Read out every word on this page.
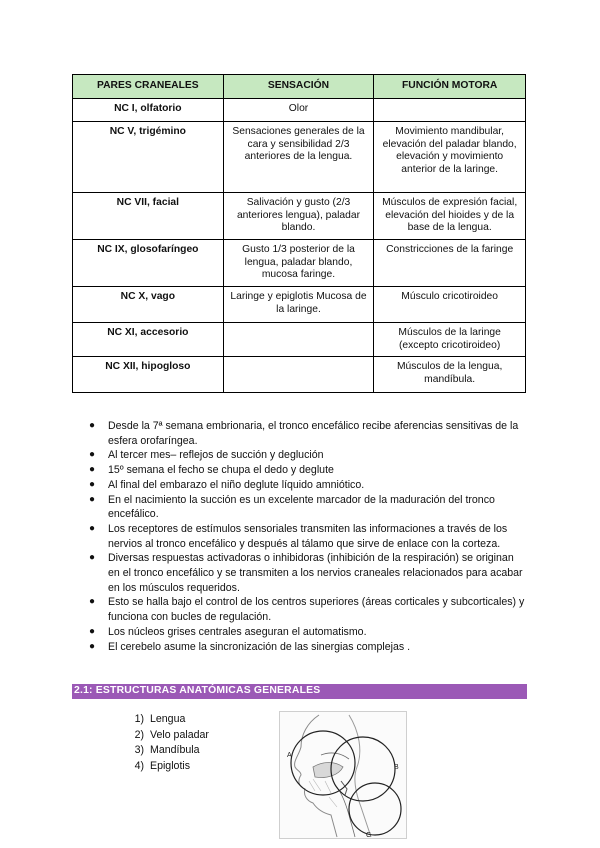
PARES CRANEALES	SENSACIÓN	FUNCIÓN MOTORA
NC I, olfatorio	Olor	
NC V, trigémino	Sensaciones generales de la cara y sensibilidad 2/3 anteriores de la lengua.	Movimiento mandibular, elevación del paladar blando, elevación y movimiento anterior de la laringe.
NC VII, facial	Salivación y gusto (2/3 anteriores lengua), paladar blando.	Músculos de expresión facial, elevación del hioides y de la base de la lengua.
NC IX, glosofaríngeo	Gusto 1/3 posterior de la lengua, paladar blando, mucosa faringe.	Constricciones de la faringe
NC X, vago	Laringe y epiglotis Mucosa de la laringe.	Músculo cricotiroideo
NC XI, accesorio		Músculos de la laringe (excepto cricotiroideo)
NC XII, hipogloso		Músculos de la lengua, mandíbula.
● Desde la 7ª semana embrionaria, el tronco encefálico recibe aferencias sensitivas de la esfera orofaríngea.
● Al tercer mes– reflejos de succión y deglución
● 15º semana el fecho se chupa el dedo y deglute
● Al final del embarazo el niño deglute líquido amniótico.
● En el nacimiento la succión es un excelente marcador de la maduración del tronco encefálico.
● Los receptores de estímulos sensoriales transmiten las informaciones a través de los nervios al tronco encefálico y después al tálamo que sirve de enlace con la corteza.
● Diversas respuestas activadoras o inhibidoras (inhibición de la respiración) se originan en el tronco encefálico y se transmiten a los nervios craneales relacionados para acabar en los músculos requeridos.
● Esto se halla bajo el control de los centros superiores (áreas corticales y subcorticales) y funciona con bucles de regulación.
● Los núcleos grises centrales aseguran el automatismo.
● El cerebelo asume la sincronización de las sinergias complejas .
2.1: ESTRUCTURAS ANATÓMICAS GENERALES
1) Lengua
2) Velo paladar
3) Mandíbula
4) Epiglotis
A
B
C
